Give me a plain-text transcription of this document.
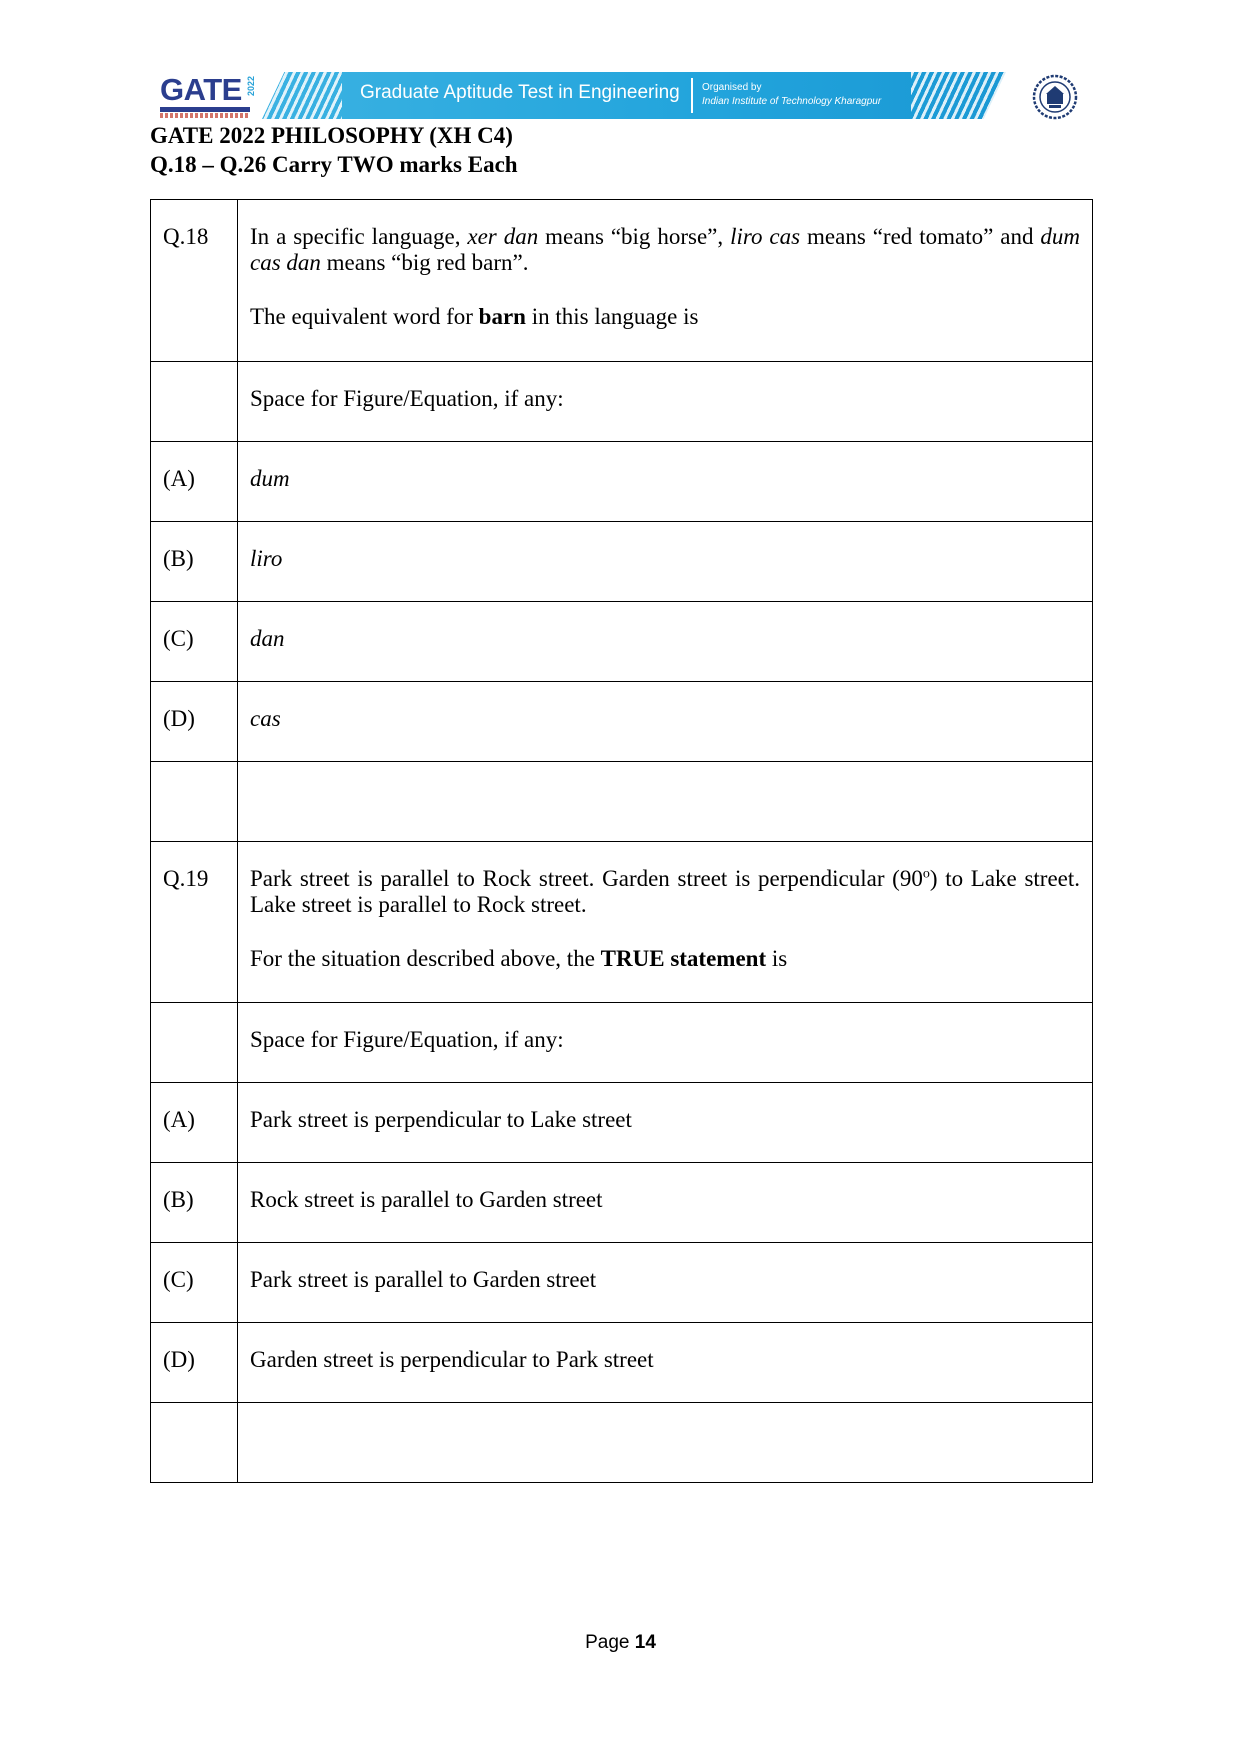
GATE 2022	Graduate Aptitude Test in Engineering Organised by
Indian Institute of Technology Kharagpur
GATE 2022 PHILOSOPHY (XH C4)
Q.18 – Q.26 Carry TWO marks Each
Q.18	In a specific language, xer dan means “big horse”, liro cas means “red tomato” and dum cas dan means “big red barn”.

The equivalent word for barn in this language is

Space for Figure/Equation, if any:
(A)	dum
(B)	liro
(C)	dan
(D)	cas
Q.19	Park street is parallel to Rock street. Garden street is perpendicular (90$^o$) to Lake street. Lake street is parallel to Rock street.

For the situation described above, the TRUE statement is

Space for Figure/Equation, if any:
(A)	Park street is perpendicular to Lake street
(B)	Rock street is parallel to Garden street
(C)	Park street is parallel to Garden street
(D)	Garden street is perpendicular to Park street
Page 14
